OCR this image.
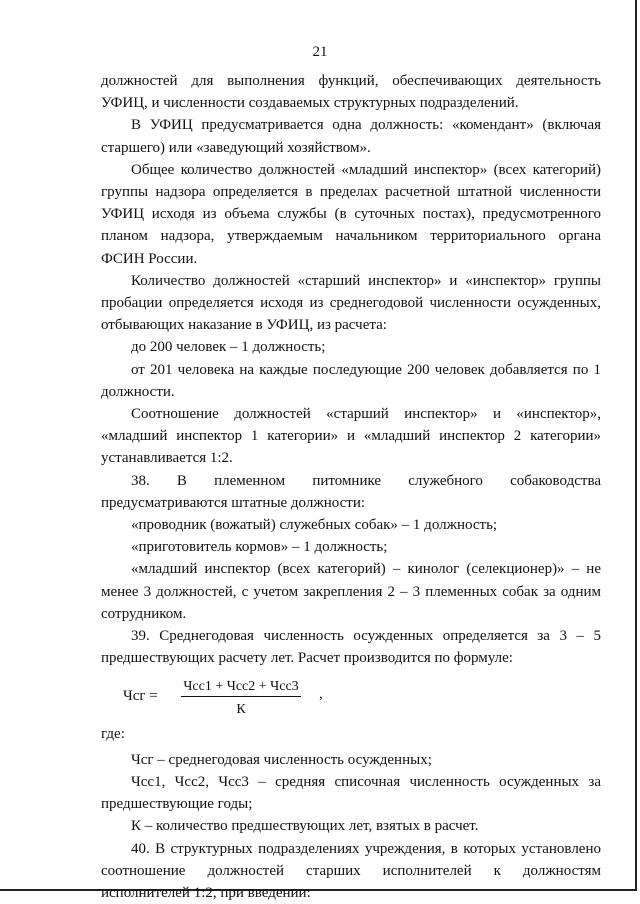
21

должностей для выполнения функций, обеспечивающих деятельность УФИЦ, и численности создаваемых структурных подразделений.

В УФИЦ предусматривается одна должность: «комендант» (включая старшего) или «заведующий хозяйством».

Общее количество должностей «младший инспектор» (всех категорий) группы надзора определяется в пределах расчетной штатной численности УФИЦ исходя из объема службы (в суточных постах), предусмотренного планом надзора, утверждаемым начальником территориального органа ФСИН России.

Количество должностей «старший инспектор» и «инспектор» группы пробации определяется исходя из среднегодовой численности осужденных, отбывающих наказание в УФИЦ, из расчета:

до 200 человек – 1 должность;

от 201 человека на каждые последующие 200 человек добавляется по 1 должности.

Соотношение должностей «старший инспектор» и «инспектор», «младший инспектор 1 категории» и «младший инспектор 2 категории» устанавливается 1:2.

38. В племенном питомнике служебного собаководства предусматриваются штатные должности:

«проводник (вожатый) служебных собак» – 1 должность;

«приготовитель кормов» – 1 должность;

«младший инспектор (всех категорий) – кинолог (селекционер)» – не менее 3 должностей, с учетом закрепления 2 – 3 племенных собак за одним сотрудником.

39. Среднегодовая численность осужденных определяется за 3 – 5 предшествующих расчету лет. Расчет производится по формуле:

Чсг =
Чсс1 + Чсс2 + Чсс3
К
,

где:

Чсг – среднегодовая численность осужденных;

Чсс1, Чсс2, Чсс3 – средняя списочная численность осужденных за предшествующие годы;

К – количество предшествующих лет, взятых в расчет.

40. В структурных подразделениях учреждения, в которых установлено соотношение должностей старших исполнителей к должностям исполнителей 1:2, при введении:
